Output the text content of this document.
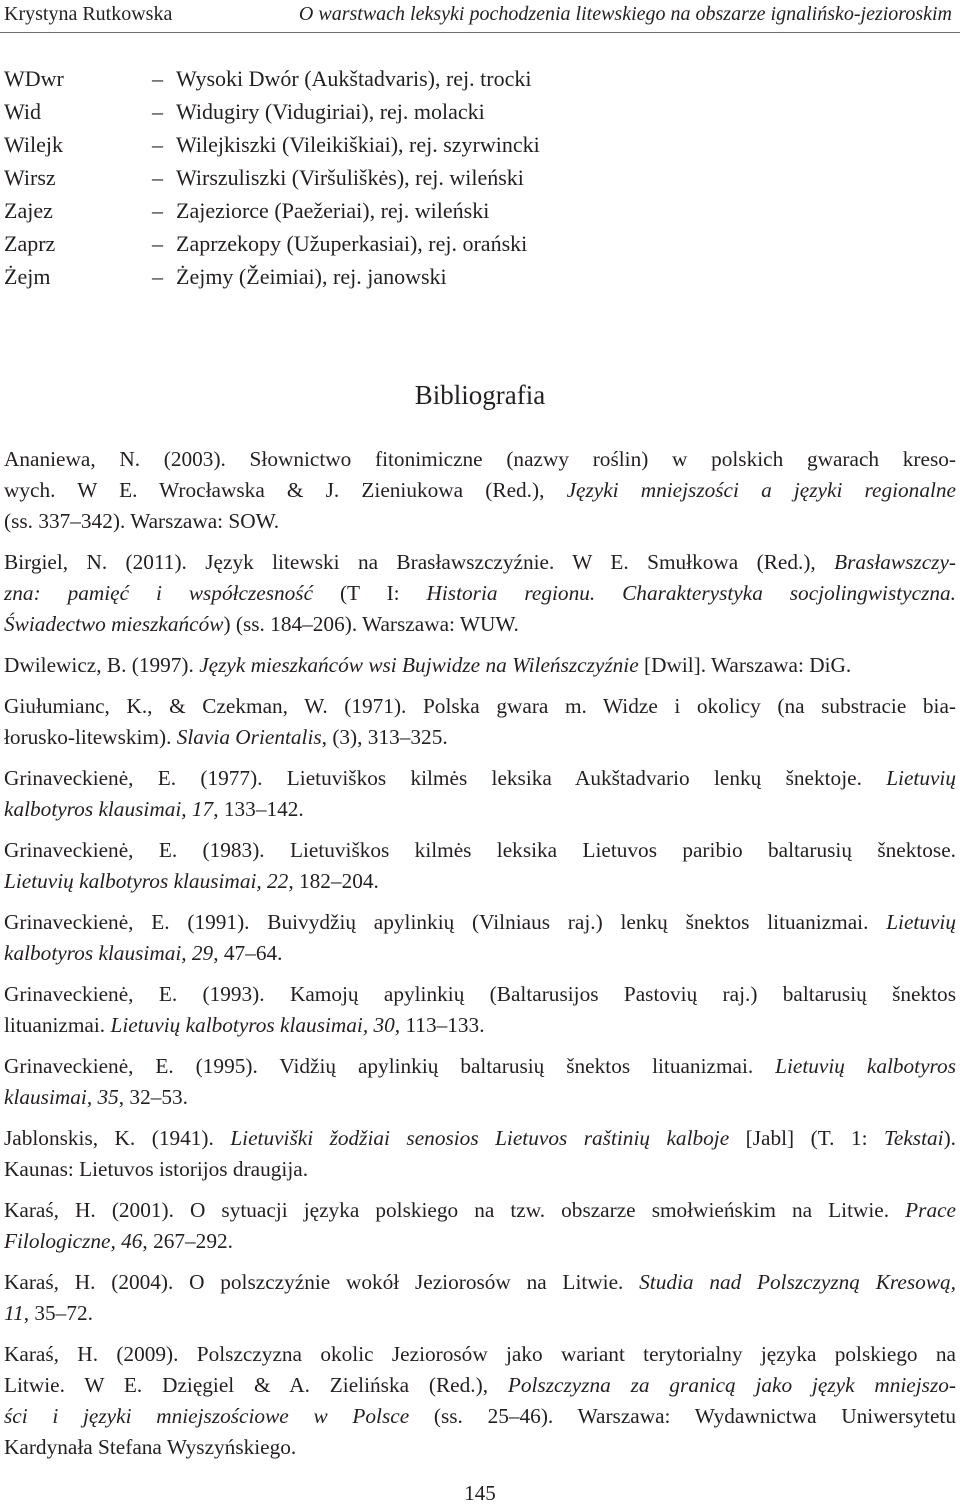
Krystyna Rutkowska	O warstwach leksyki pochodzenia litewskiego na obszarze ignalińsko-jezioroskim
WDwr	– Wysoki Dwór (Aukštadvaris), rej. trocki
Wid	– Widugiry (Vidugiriai), rej. molacki
Wilejk	– Wilejkiszki (Vileikiškiai), rej. szyrwincki
Wirsz	– Wirszuliszki (Viršuliškės), rej. wileński
Zajez	– Zajeziorce (Paežeriai), rej. wileński
Zaprz	– Zaprzekopy (Užuperkasiai), rej. orański
Żejm	– Żejmy (Žeimiai), rej. janowski
Bibliografia
Ananiewa, N. (2003). Słownictwo fitonimiczne (nazwy roślin) w polskich gwarach kreso-
wych. W E. Wrocławska & J. Zieniukowa (Red.), Języki mniejszości a języki regionalne
(ss. 337–342). Warszawa: SOW.
Birgiel, N. (2011). Język litewski na Brasławszczyźnie. W E. Smułkowa (Red.), Brasławszczy-
zna: pamięć i współczesność (T I: Historia regionu. Charakterystyka socjolingwistyczna.
Świadectwo mieszkańców) (ss. 184–206). Warszawa: WUW.
Dwilewicz, B. (1997). Język mieszkańców wsi Bujwidze na Wileńszczyźnie [Dwil]. Warszawa: DiG.
Giułumianc, K., & Czekman, W. (1971). Polska gwara m. Widze i okolicy (na substracie bia-
łorusko-litewskim). Slavia Orientalis, (3), 313–325.
Grinaveckienė, E. (1977). Lietuviškos kilmės leksika Aukštadvario lenkų šnektoje. Lietuvių
kalbotyros klausimai, 17, 133–142.
Grinaveckienė, E. (1983). Lietuviškos kilmės leksika Lietuvos paribio baltarusių šnektose.
Lietuvių kalbotyros klausimai, 22, 182–204.
Grinaveckienė, E. (1991). Buivydžių apylinkių (Vilniaus raj.) lenkų šnektos lituanizmai. Lietuvių
kalbotyros klausimai, 29, 47–64.
Grinaveckienė, E. (1993). Kamojų apylinkių (Baltarusijos Pastovių raj.) baltarusių šnektos
lituanizmai. Lietuvių kalbotyros klausimai, 30, 113–133.
Grinaveckienė, E. (1995). Vidžių apylinkių baltarusių šnektos lituanizmai. Lietuvių kalbotyros
klausimai, 35, 32–53.
Jablonskis, K. (1941). Lietuviški žodžiai senosios Lietuvos raštinių kalboje [Jabl] (T. 1: Tekstai).
Kaunas: Lietuvos istorijos draugija.
Karaś, H. (2001). O sytuacji języka polskiego na tzw. obszarze smołwieńskim na Litwie. Prace
Filologiczne, 46, 267–292.
Karaś, H. (2004). O polszczyźnie wokół Jeziorosów na Litwie. Studia nad Polszczyzną Kresową,
11, 35–72.
Karaś, H. (2009). Polszczyzna okolic Jeziorosów jako wariant terytorialny języka polskiego na
Litwie. W E. Dzięgiel & A. Zielińska (Red.), Polszczyzna za granicą jako język mniejszo-
ści i języki mniejszościowe w Polsce (ss. 25–46). Warszawa: Wydawnictwa Uniwersytetu
Kardynała Stefana Wyszyńskiego.
145
